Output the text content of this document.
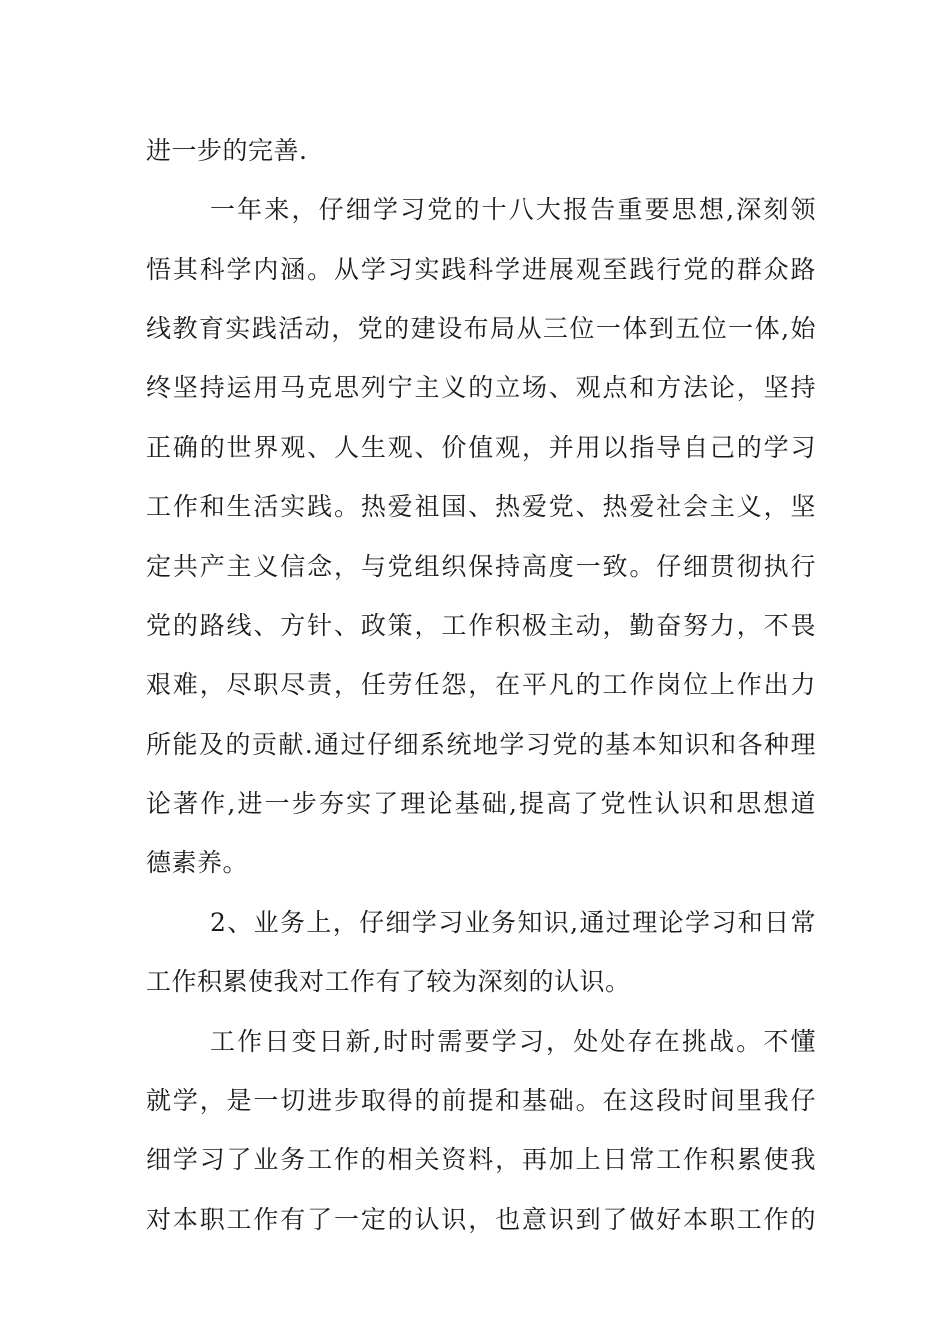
进一步的完善.
一年来，仔细学习党的十八大报告重要思想,深刻领
悟其科学内涵。从学习实践科学进展观至践行党的群众路
线教育实践活动，党的建设布局从三位一体到五位一体,始
终坚持运用马克思列宁主义的立场、观点和方法论，坚持
正确的世界观、人生观、价值观，并用以指导自己的学习
工作和生活实践。热爱祖国、热爱党、热爱社会主义，坚
定共产主义信念，与党组织保持高度一致。仔细贯彻执行
党的路线、方针、政策，工作积极主动，勤奋努力，不畏
艰难，尽职尽责，任劳任怨，在平凡的工作岗位上作出力
所能及的贡献.通过仔细系统地学习党的基本知识和各种理
论著作,进一步夯实了理论基础,提高了党性认识和思想道
德素养。
2、业务上，仔细学习业务知识,通过理论学习和日常
工作积累使我对工作有了较为深刻的认识。
工作日变日新,时时需要学习，处处存在挑战。不懂
就学，是一切进步取得的前提和基础。在这段时间里我仔
细学习了业务工作的相关资料，再加上日常工作积累使我
对本职工作有了一定的认识，也意识到了做好本职工作的
